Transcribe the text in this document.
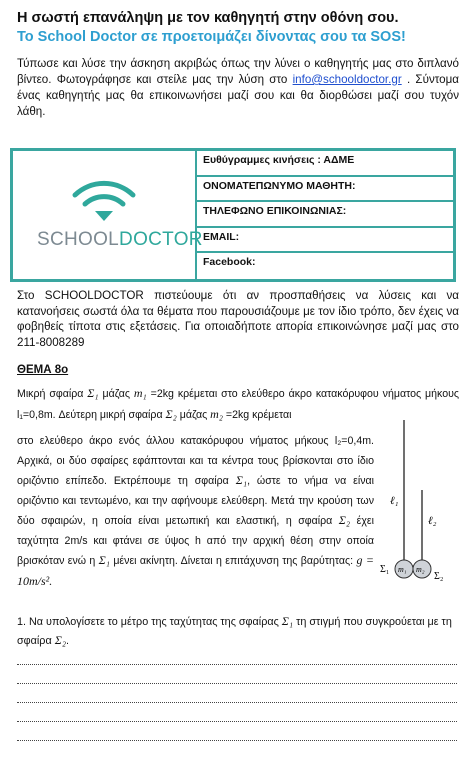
Η σωστή επανάληψη με τον καθηγητή στην οθόνη σου.
Το School Doctor σε προετοιμάζει δίνοντας σου τα SOS!
Τύπωσε και λύσε την άσκηση ακριβώς όπως την λύνει ο καθηγητής μας στο διπλανό βίντεο. Φωτογράφησε και στείλε μας την λύση στο info@schooldoctor.gr . Σύντομα ένας καθηγητής μας θα επικοινωνήσει μαζί σου και θα διορθώσει μαζί σου τυχόν λάθη.
SCHOOLDOCTOR
Ευθύγραμμες κινήσεις : ΑΔΜΕ
ΟΝΟΜΑΤΕΠΩΝΥΜΟ ΜΑΘΗΤΗ:
ΤΗΛΕΦΩΝΟ ΕΠΙΚΟΙΝΩΝΙΑΣ:
EMAIL:
Facebook:
Στο SCHOOLDOCTOR πιστεύουμε ότι αν προσπαθήσεις να λύσεις και να κατανοήσεις σωστά όλα τα θέματα που παρουσιάζουμε με τον ίδιο τρόπο, δεν έχεις να φοβηθείς τίποτα στις εξετάσεις. Για οποιαδήποτε απορία επικοινώνησε μαζί μας στο 211-8008289
ΘΕΜΑ 8ο
Μικρή σφαίρα Σ₁ μάζας m₁ =2kg κρέμεται στο ελεύθερο άκρο κατακόρυφου νήματος μήκους l₁=0,8m. Δεύτερη μικρή σφαίρα Σ₂ μάζας m₂ =2kg κρέμεται
στο ελεύθερο άκρο ενός άλλου κατακόρυφου νήματος μήκους l₂=0,4m. Αρχικά, οι δύο σφαίρες εφάπτονται και τα κέντρα τους βρίσκονται στο ίδιο οριζόντιο επίπεδο. Εκτρέπουμε τη σφαίρα Σ₁, ώστε το νήμα να είναι οριζόντιο και τεντωμένο, και την αφήνουμε ελεύθερη. Μετά την κρούση των δύο σφαιρών, η οποία είναι μετωπική και ελαστική, η σφαίρα Σ₂ έχει ταχύτητα 2m/s και φτάνει σε ύψος h από την αρχική θέση στην οποία βρισκόταν ενώ η Σ₁ μένει ακίνητη. Δίνεται η επιτάχυνση της βαρύτητας: g = 10m/s².
ℓ₁
ℓ₂
Σ₁
Σ₂
m₁ m₂
1. Να υπολογίσετε το μέτρο της ταχύτητας της σφαίρας Σ₁ τη στιγμή που συγκρούεται με τη σφαίρα Σ₂.
